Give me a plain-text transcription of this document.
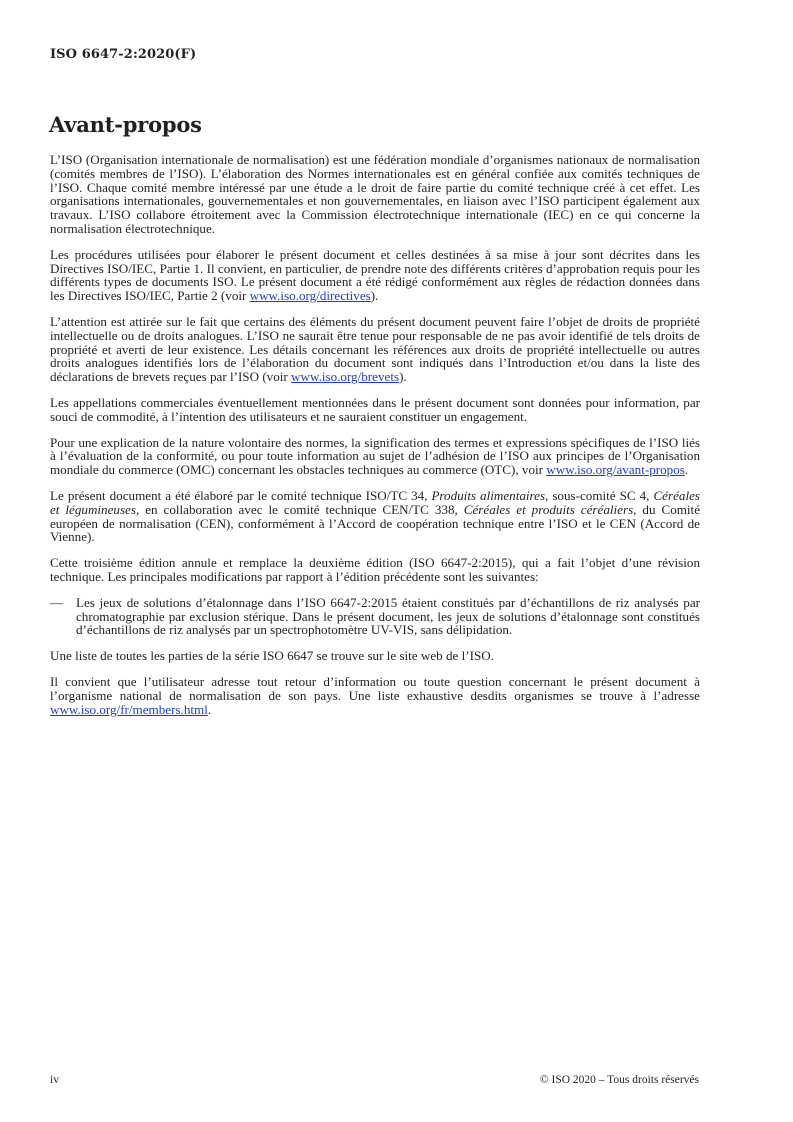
ISO 6647-2:2020(F)
Avant-propos

L’ISO (Organisation internationale de normalisation) est une fédération mondiale d’organismes nationaux de normalisation (comités membres de l’ISO). L’élaboration des Normes internationales est en général confiée aux comités techniques de l’ISO. Chaque comité membre intéressé par une étude a le droit de faire partie du comité technique créé à cet effet. Les organisations internationales, gouvernementales et non gouvernementales, en liaison avec l’ISO participent également aux travaux. L’ISO collabore étroitement avec la Commission électrotechnique internationale (IEC) en ce qui concerne la normalisation électrotechnique.

Les procédures utilisées pour élaborer le présent document et celles destinées à sa mise à jour sont décrites dans les Directives ISO/IEC, Partie 1. Il convient, en particulier, de prendre note des différents critères d’approbation requis pour les différents types de documents ISO. Le présent document a été rédigé conformément aux règles de rédaction données dans les Directives ISO/IEC, Partie 2 (voir www.iso.org/directives).

L’attention est attirée sur le fait que certains des éléments du présent document peuvent faire l’objet de droits de propriété intellectuelle ou de droits analogues. L’ISO ne saurait être tenue pour responsable de ne pas avoir identifié de tels droits de propriété et averti de leur existence. Les détails concernant les références aux droits de propriété intellectuelle ou autres droits analogues identifiés lors de l’élaboration du document sont indiqués dans l’Introduction et/ou dans la liste des déclarations de brevets reçues par l’ISO (voir www.iso.org/brevets).

Les appellations commerciales éventuellement mentionnées dans le présent document sont données pour information, par souci de commodité, à l’intention des utilisateurs et ne sauraient constituer un engagement.

Pour une explication de la nature volontaire des normes, la signification des termes et expressions spécifiques de l’ISO liés à l’évaluation de la conformité, ou pour toute information au sujet de l’adhésion de l’ISO aux principes de l’Organisation mondiale du commerce (OMC) concernant les obstacles techniques au commerce (OTC), voir www.iso.org/avant-propos.

Le présent document a été élaboré par le comité technique ISO/TC 34, Produits alimentaires, sous-comité SC 4, Céréales et légumineuses, en collaboration avec le comité technique CEN/TC 338, Céréales et produits céréaliers, du Comité européen de normalisation (CEN), conformément à l’Accord de coopération technique entre l’ISO et le CEN (Accord de Vienne).

Cette troisième édition annule et remplace la deuxième édition (ISO 6647-2:2015), qui a fait l’objet d’une révision technique. Les principales modifications par rapport à l’édition précédente sont les suivantes:

— Les jeux de solutions d’étalonnage dans l’ISO 6647-2:2015 étaient constitués par d’échantillons de riz analysés par chromatographie par exclusion stérique. Dans le présent document, les jeux de solutions d’étalonnage sont constitués d’échantillons de riz analysés par un spectrophotomètre UV-VIS, sans délipidation.

Une liste de toutes les parties de la série ISO 6647 se trouve sur le site web de l’ISO.

Il convient que l’utilisateur adresse tout retour d’information ou toute question concernant le présent document à l’organisme national de normalisation de son pays. Une liste exhaustive desdits organismes se trouve à l’adresse www.iso.org/fr/members.html.

iv	© ISO 2020 – Tous droits réservés
